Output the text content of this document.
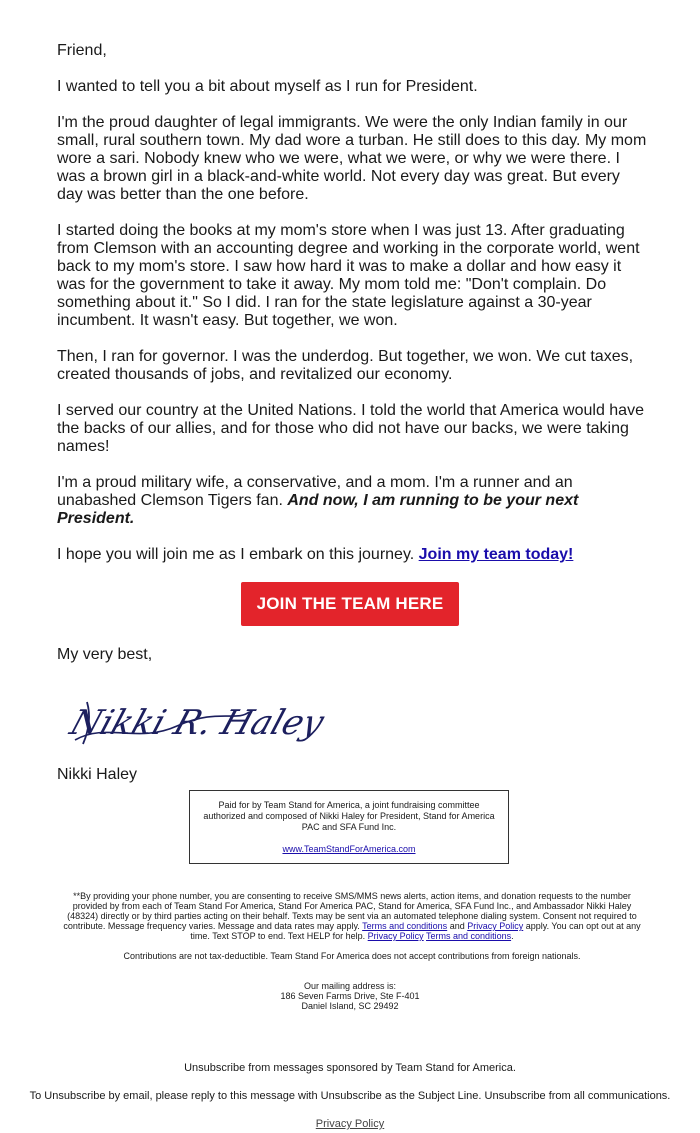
Friend,

I wanted to tell you a bit about myself as I run for President.

I'm the proud daughter of legal immigrants. We were the only Indian family in our small, rural southern town. My dad wore a turban. He still does to this day. My mom wore a sari. Nobody knew who we were, what we were, or why we were there. I was a brown girl in a black-and-white world. Not every day was great. But every day was better than the one before.

I started doing the books at my mom's store when I was just 13. After graduating from Clemson with an accounting degree and working in the corporate world, went back to my mom's store. I saw how hard it was to make a dollar and how easy it was for the government to take it away. My mom told me: "Don't complain. Do something about it." So I did. I ran for the state legislature against a 30-year incumbent. It wasn't easy. But together, we won.

Then, I ran for governor. I was the underdog. But together, we won. We cut taxes, created thousands of jobs, and revitalized our economy.

I served our country at the United Nations. I told the world that America would have the backs of our allies, and for those who did not have our backs, we were taking names!

I'm a proud military wife, a conservative, and a mom. I'm a runner and an unabashed Clemson Tigers fan. And now, I am running to be your next President.

I hope you will join me as I embark on this journey. Join my team today!

JOIN THE TEAM HERE

My very best,

Nikki R. Haley

Nikki Haley

Paid for by Team Stand for America, a joint fundraising committee authorized and composed of Nikki Haley for President, Stand for America PAC and SFA Fund Inc.
www.TeamStandForAmerica.com

**By providing your phone number, you are consenting to receive SMS/MMS news alerts, action items, and donation requests to the number provided by from each of Team Stand For America, Stand For America PAC, Stand for America, SFA Fund Inc., and Ambassador Nikki Haley (48324) directly or by third parties acting on their behalf. Texts may be sent via an automated telephone dialing system. Consent not required to contribute. Message frequency varies. Message and data rates may apply. Terms and conditions and Privacy Policy apply. You can opt out at any time. Text STOP to end. Text HELP for help. Privacy Policy Terms and conditions.

Contributions are not tax-deductible. Team Stand For America does not accept contributions from foreign nationals.

Our mailing address is:
186 Seven Farms Drive, Ste F-401
Daniel Island, SC 29492
Unsubscribe from messages sponsored by Team Stand for America.
To Unsubscribe by email, please reply to this message with Unsubscribe as the Subject Line. Unsubscribe from all communications.
Privacy Policy
